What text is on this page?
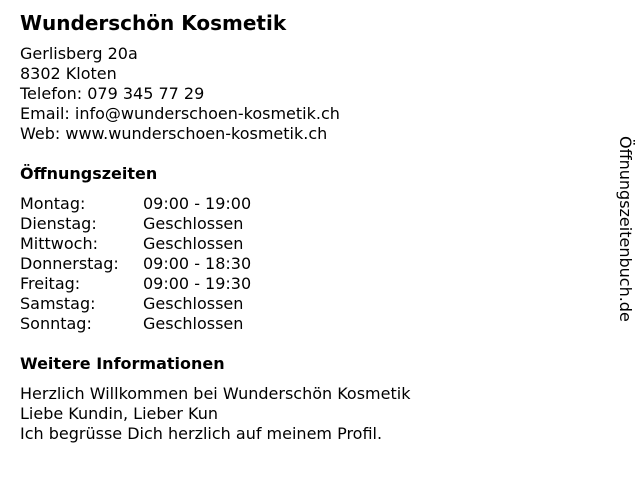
Wunderschön Kosmetik
Gerlisberg 20a
8302 Kloten
Telefon: 079 345 77 29
Email: info@wunderschoen-kosmetik.ch
Web: www.wunderschoen-kosmetik.ch
Öffnungszeiten
Montag:	09:00 - 19:00
Dienstag:	Geschlossen
Mittwoch:	Geschlossen
Donnerstag: 09:00 - 18:30
Freitag:	09:00 - 19:30
Samstag:	Geschlossen
Sonntag:	Geschlossen
Weitere Informationen
Herzlich Willkommen bei Wunderschön Kosmetik
Liebe Kundin, Lieber Kun
Ich begrüsse Dich herzlich auf meinem Profil.
Öffnungszeitenbuch.de
